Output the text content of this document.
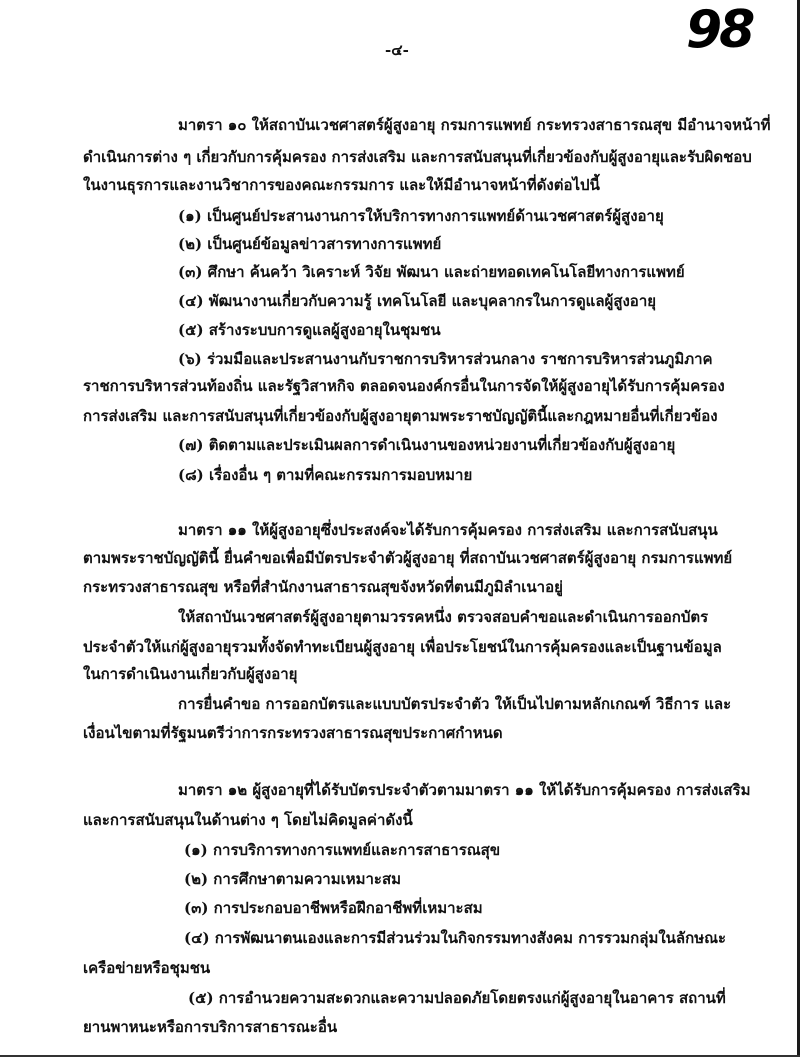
98
-๔-
มาตรา ๑๐ ให้สถาบันเวชศาสตร์ผู้สูงอายุ กรมการแพทย์ กระทรวงสาธารณสุข มีอำนาจหน้าที่
ดำเนินการต่าง ๆ เกี่ยวกับการคุ้มครอง การส่งเสริม และการสนับสนุนที่เกี่ยวข้องกับผู้สูงอายุและรับผิดชอบ
ในงานธุรการและงานวิชาการของคณะกรรมการ และให้มีอำนาจหน้าที่ดังต่อไปนี้
(๑) เป็นศูนย์ประสานงานการให้บริการทางการแพทย์ด้านเวชศาสตร์ผู้สูงอายุ
(๒) เป็นศูนย์ข้อมูลข่าวสารทางการแพทย์
(๓) ศึกษา ค้นคว้า วิเคราะห์ วิจัย พัฒนา และถ่ายทอดเทคโนโลยีทางการแพทย์
(๔) พัฒนางานเกี่ยวกับความรู้ เทคโนโลยี และบุคลากรในการดูแลผู้สูงอายุ
(๕) สร้างระบบการดูแลผู้สูงอายุในชุมชน
(๖) ร่วมมือและประสานงานกับราชการบริหารส่วนกลาง ราชการบริหารส่วนภูมิภาค
ราชการบริหารส่วนท้องถิ่น และรัฐวิสาหกิจ ตลอดจนองค์กรอื่นในการจัดให้ผู้สูงอายุได้รับการคุ้มครอง
การส่งเสริม และการสนับสนุนที่เกี่ยวข้องกับผู้สูงอายุตามพระราชบัญญัตินี้และกฎหมายอื่นที่เกี่ยวข้อง
(๗) ติดตามและประเมินผลการดำเนินงานของหน่วยงานที่เกี่ยวข้องกับผู้สูงอายุ
(๘) เรื่องอื่น ๆ ตามที่คณะกรรมการมอบหมาย
มาตรา ๑๑ ให้ผู้สูงอายุซึ่งประสงค์จะได้รับการคุ้มครอง การส่งเสริม และการสนับสนุน
ตามพระราชบัญญัตินี้ ยื่นคำขอเพื่อมีบัตรประจำตัวผู้สูงอายุ ที่สถาบันเวชศาสตร์ผู้สูงอายุ กรมการแพทย์
กระทรวงสาธารณสุข หรือที่สำนักงานสาธารณสุขจังหวัดที่ตนมีภูมิลำเนาอยู่
ให้สถาบันเวชศาสตร์ผู้สูงอายุตามวรรคหนึ่ง ตรวจสอบคำขอและดำเนินการออกบัตร
ประจำตัวให้แก่ผู้สูงอายุรวมทั้งจัดทำทะเบียนผู้สูงอายุ เพื่อประโยชน์ในการคุ้มครองและเป็นฐานข้อมูล
ในการดำเนินงานเกี่ยวกับผู้สูงอายุ
การยื่นคำขอ การออกบัตรและแบบบัตรประจำตัว ให้เป็นไปตามหลักเกณฑ์ วิธีการ และ
เงื่อนไขตามที่รัฐมนตรีว่าการกระทรวงสาธารณสุขประกาศกำหนด
มาตรา ๑๒ ผู้สูงอายุที่ได้รับบัตรประจำตัวตามมาตรา ๑๑ ให้ได้รับการคุ้มครอง การส่งเสริม
และการสนับสนุนในด้านต่าง ๆ โดยไม่คิดมูลค่าดังนี้
(๑) การบริการทางการแพทย์และการสาธารณสุข
(๒) การศึกษาตามความเหมาะสม
(๓) การประกอบอาชีพหรือฝึกอาชีพที่เหมาะสม
(๔) การพัฒนาตนเองและการมีส่วนร่วมในกิจกรรมทางสังคม การรวมกลุ่มในลักษณะ
เครือข่ายหรือชุมชน
(๕) การอำนวยความสะดวกและความปลอดภัยโดยตรงแก่ผู้สูงอายุในอาคาร สถานที่
ยานพาหนะหรือการบริการสาธารณะอื่น
